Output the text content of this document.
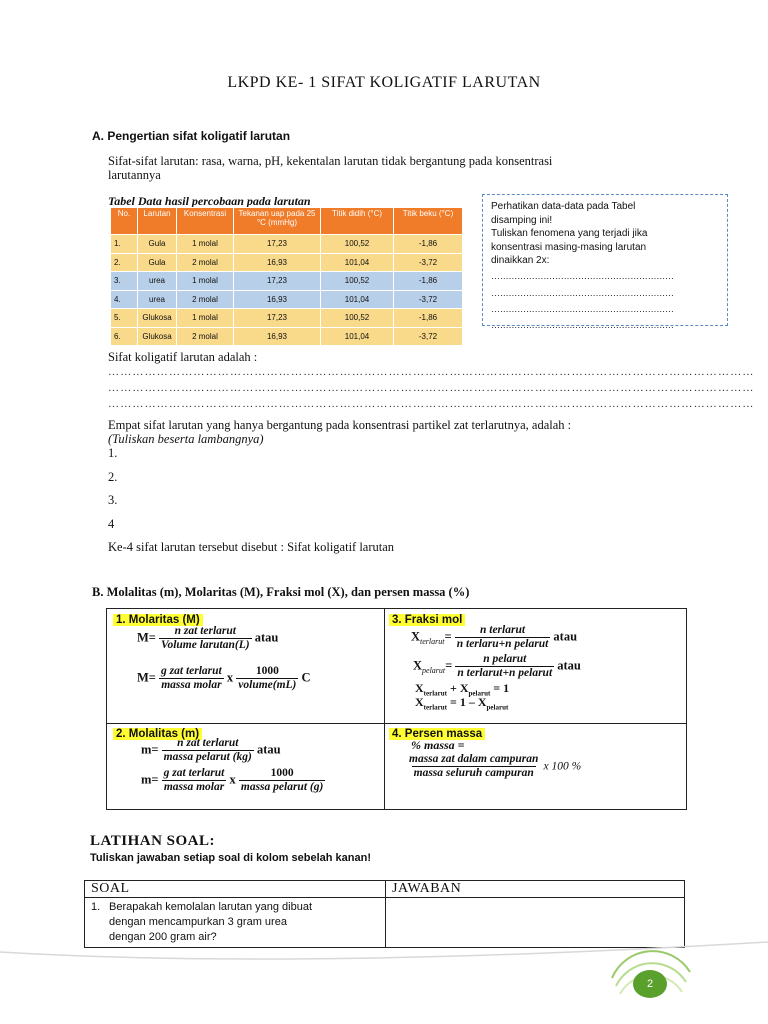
LKPD KE- 1 SIFAT KOLIGATIF LARUTAN
A. Pengertian sifat koligatif larutan
Sifat-sifat larutan: rasa, warna, pH, kekentalan larutan tidak bergantung pada konsentrasi
larutannya
Tabel Data hasil percobaan pada larutan
No.	Larutan	Konsentrasi	Tekanan uap pada 25 °C (mmHg)	Titik didih (°C)	Titik beku (°C)
1.	Gula	1 molal	17,23	100,52	-1,86
2.	Gula	2 molal	16,93	101,04	-3,72
3.	urea	1 molal	17,23	100,52	-1,86
4.	urea	2 molal	16,93	101,04	-3,72
5.	Glukosa	1 molal	17,23	100,52	-1,86
6.	Glukosa	2 molal	16,93	101,04	-3,72
Perhatikan data-data pada Tabel
disamping ini!
Tuliskan fenomena yang terjadi jika
konsentrasi masing-masing larutan
dinaikkan 2x:
………………………………………………………
………………………………………………………
………………………………………………………
………………………………………………………
Sifat koligatif larutan adalah :
……………………………………………………………………………………………………………………………………………
……………………………………………………………………………………………………………………………………………
……………………………………………………………………………………………………………………………………………
Empat sifat larutan yang hanya bergantung pada konsentrasi partikel zat terlarutnya, adalah :
(Tuliskan beserta lambangnya)
1.
2.
3.
4
Ke-4 sifat larutan tersebut disebut : Sifat koligatif larutan
B. Molalitas (m), Molaritas (M), Fraksi mol (X), dan persen massa (%)
1. Molaritas (M)
M= n zat terlarut
Volume larutan(L)
atau
M= g zat terlarut
massa molar
x 1000
volume(mL)
C
3. Fraksi mol
$X_{terlarut}= n$ terlarut
n terlaru+n pelarut
atau
$X_{pelarut}= n$ pelarut
n terlarut+n pelarut
atau
$X_{terlarut} + X_{pelarut} = 1$
$X_{terlarut} = 1 - X_{pelarut}$
2. Molalitas (m)
m= n zat terlarut
massa pelarut (kg)
atau
m= g zat terlarut
massa molar
x	1000
massa pelarut (g)
4. Persen massa
% massa =
massa zat dalam campuran
massa seluruh campuran
x 100 %
LATIHAN SOAL:
Tuliskan jawaban setiap soal di kolom sebelah kanan!
SOAL	JAWABAN

1. Berapakah kemolalan larutan yang dibuat
dengan mencampurkan 3 gram urea
dengan 200 gram air?	

2
